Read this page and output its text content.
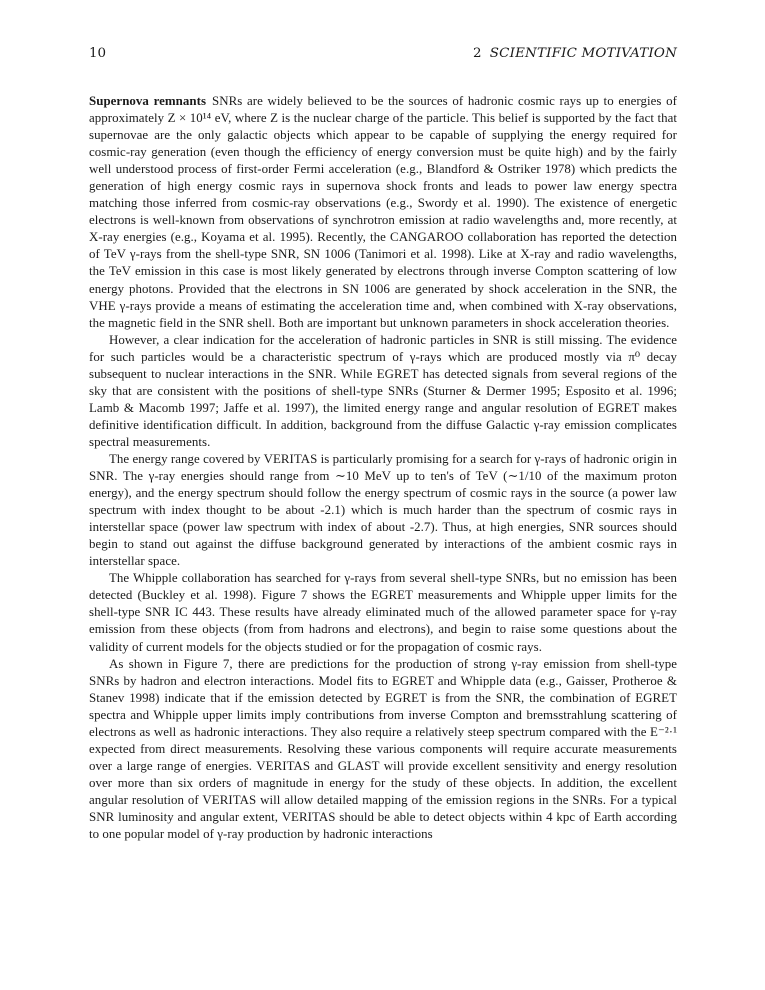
10	2 SCIENTIFIC MOTIVATION

Supernova remnants SNRs are widely believed to be the sources of hadronic cosmic rays up to energies of approximately Z × 10¹⁴ eV, where Z is the nuclear charge of the particle. This belief is supported by the fact that supernovae are the only galactic objects which appear to be capable of supplying the energy required for cosmic-ray generation (even though the efficiency of energy conversion must be quite high) and by the fairly well understood process of first-order Fermi acceleration (e.g., Blandford & Ostriker 1978) which predicts the generation of high energy cosmic rays in supernova shock fronts and leads to power law energy spectra matching those inferred from cosmic-ray observations (e.g., Swordy et al. 1990). The existence of energetic electrons is well-known from observations of synchrotron emission at radio wavelengths and, more recently, at X-ray energies (e.g., Koyama et al. 1995). Recently, the CANGAROO collaboration has reported the detection of TeV γ-rays from the shell-type SNR, SN 1006 (Tanimori et al. 1998). Like at X-ray and radio wavelengths, the TeV emission in this case is most likely generated by electrons through inverse Compton scattering of low energy photons. Provided that the electrons in SN 1006 are generated by shock acceleration in the SNR, the VHE γ-rays provide a means of estimating the acceleration time and, when combined with X-ray observations, the magnetic field in the SNR shell. Both are important but unknown parameters in shock acceleration theories.

However, a clear indication for the acceleration of hadronic particles in SNR is still missing. The evidence for such particles would be a characteristic spectrum of γ-rays which are produced mostly via π⁰ decay subsequent to nuclear interactions in the SNR. While EGRET has detected signals from several regions of the sky that are consistent with the positions of shell-type SNRs (Sturner & Dermer 1995; Esposito et al. 1996; Lamb & Macomb 1997; Jaffe et al. 1997), the limited energy range and angular resolution of EGRET makes definitive identification difficult. In addition, background from the diffuse Galactic γ-ray emission complicates spectral measurements.

The energy range covered by VERITAS is particularly promising for a search for γ-rays of hadronic origin in SNR. The γ-ray energies should range from ∼10 MeV up to ten's of TeV (∼1/10 of the maximum proton energy), and the energy spectrum should follow the energy spectrum of cosmic rays in the source (a power law spectrum with index thought to be about -2.1) which is much harder than the spectrum of cosmic rays in interstellar space (power law spectrum with index of about -2.7). Thus, at high energies, SNR sources should begin to stand out against the diffuse background generated by interactions of the ambient cosmic rays in interstellar space.

The Whipple collaboration has searched for γ-rays from several shell-type SNRs, but no emission has been detected (Buckley et al. 1998). Figure 7 shows the EGRET measurements and Whipple upper limits for the shell-type SNR IC 443. These results have already eliminated much of the allowed parameter space for γ-ray emission from these objects (from from hadrons and electrons), and begin to raise some questions about the validity of current models for the objects studied or for the propagation of cosmic rays.

As shown in Figure 7, there are predictions for the production of strong γ-ray emission from shell-type SNRs by hadron and electron interactions. Model fits to EGRET and Whipple data (e.g., Gaisser, Protheroe & Stanev 1998) indicate that if the emission detected by EGRET is from the SNR, the combination of EGRET spectra and Whipple upper limits imply contributions from inverse Compton and bremsstrahlung scattering of electrons as well as hadronic interactions. They also require a relatively steep spectrum compared with the E⁻²·¹ expected from direct measurements. Resolving these various components will require accurate measurements over a large range of energies. VERITAS and GLAST will provide excellent sensitivity and energy resolution over more than six orders of magnitude in energy for the study of these objects. In addition, the excellent angular resolution of VERITAS will allow detailed mapping of the emission regions in the SNRs. For a typical SNR luminosity and angular extent, VERITAS should be able to detect objects within 4 kpc of Earth according to one popular model of γ-ray production by hadronic interactions
